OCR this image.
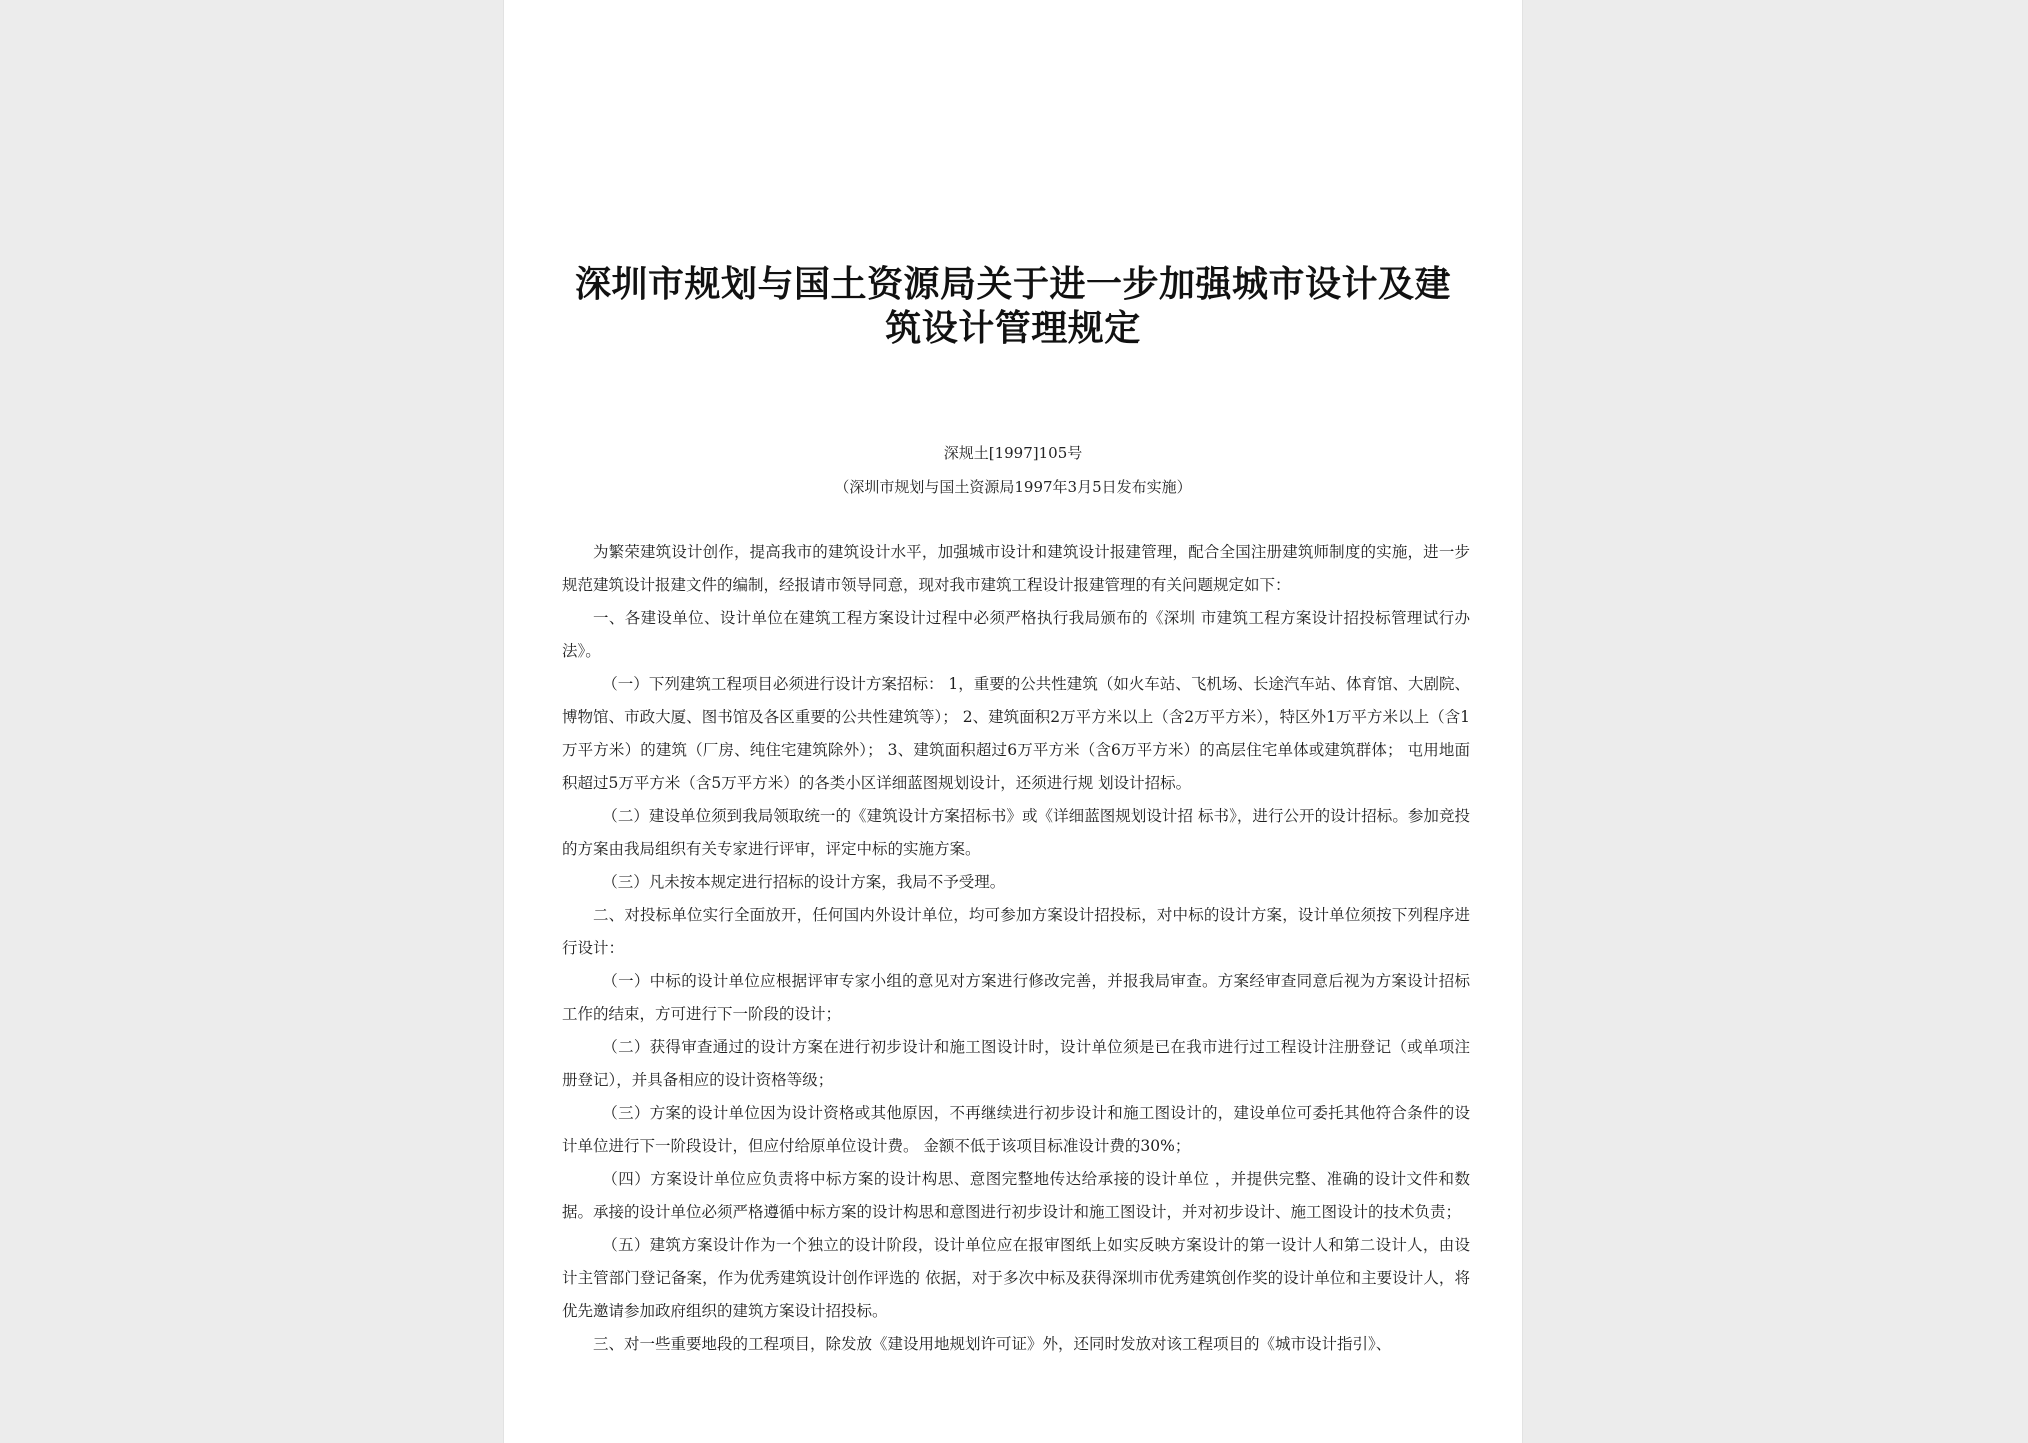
深圳市规划与国土资源局关于进一步加强城市设计及建筑设计管理规定
深规土[1997]105号
（深圳市规划与国土资源局1997年3月5日发布实施）

为繁荣建筑设计创作，提高我市的建筑设计水平，加强城市设计和建筑设计报建管理，配合全国注册建筑师制度的实施，进一步规范建筑设计报建文件的编制，经报请市领导同意，现对我市建筑工程设计报建管理的有关问题规定如下：

一、各建设单位、设计单位在建筑工程方案设计过程中必须严格执行我局颁布的《深圳 市建筑工程方案设计招投标管理试行办法》。

（一）下列建筑工程项目必须进行设计方案招标： 1，重要的公共性建筑（如火车站、飞机场、长途汽车站、体育馆、大剧院、博物馆、市政大厦、图书馆及各区重要的公共性建筑等）； 2、建筑面积2万平方米以上（含2万平方米），特区外1万平方米以上（含1万平方米）的建筑（厂房、纯住宅建筑除外）； 3、建筑面积超过6万平方米（含6万平方米）的高层住宅单体或建筑群体； 屯用地面积超过5万平方米（含5万平方米）的各类小区详细蓝图规划设计，还须进行规 划设计招标。

（二）建设单位须到我局领取统一的《建筑设计方案招标书》或《详细蓝图规划设计招 标书》，进行公开的设计招标。参加竞投的方案由我局组织有关专家进行评审，评定中标的实施方案。

（三）凡未按本规定进行招标的设计方案，我局不予受理。

二、对投标单位实行全面放开，任何国内外设计单位，均可参加方案设计招投标，对中标的设计方案，设计单位须按下列程序进行设计：

（一）中标的设计单位应根据评审专家小组的意见对方案进行修改完善，并报我局审查。方案经审查同意后视为方案设计招标工作的结束，方可进行下一阶段的设计；

（二）获得审查通过的设计方案在进行初步设计和施工图设计时，设计单位须是已在我市进行过工程设计注册登记（或单项注册登记），并具备相应的设计资格等级；

（三）方案的设计单位因为设计资格或其他原因，不再继续进行初步设计和施工图设计的，建设单位可委托其他符合条件的设计单位进行下一阶段设计，但应付给原单位设计费。 金额不低于该项目标准设计费的30%；

（四）方案设计单位应负责将中标方案的设计构思、意图完整地传达给承接的设计单位 ，并提供完整、准确的设计文件和数据。承接的设计单位必须严格遵循中标方案的设计构思和意图进行初步设计和施工图设计，并对初步设计、施工图设计的技术负责；

（五）建筑方案设计作为一个独立的设计阶段，设计单位应在报审图纸上如实反映方案设计的第一设计人和第二设计人，由设计主管部门登记备案，作为优秀建筑设计创作评选的 依据，对于多次中标及获得深圳市优秀建筑创作奖的设计单位和主要设计人，将优先邀请参加政府组织的建筑方案设计招投标。

三、对一些重要地段的工程项目，除发放《建设用地规划许可证》外，还同时发放对该工程项目的《城市设计指引》、
